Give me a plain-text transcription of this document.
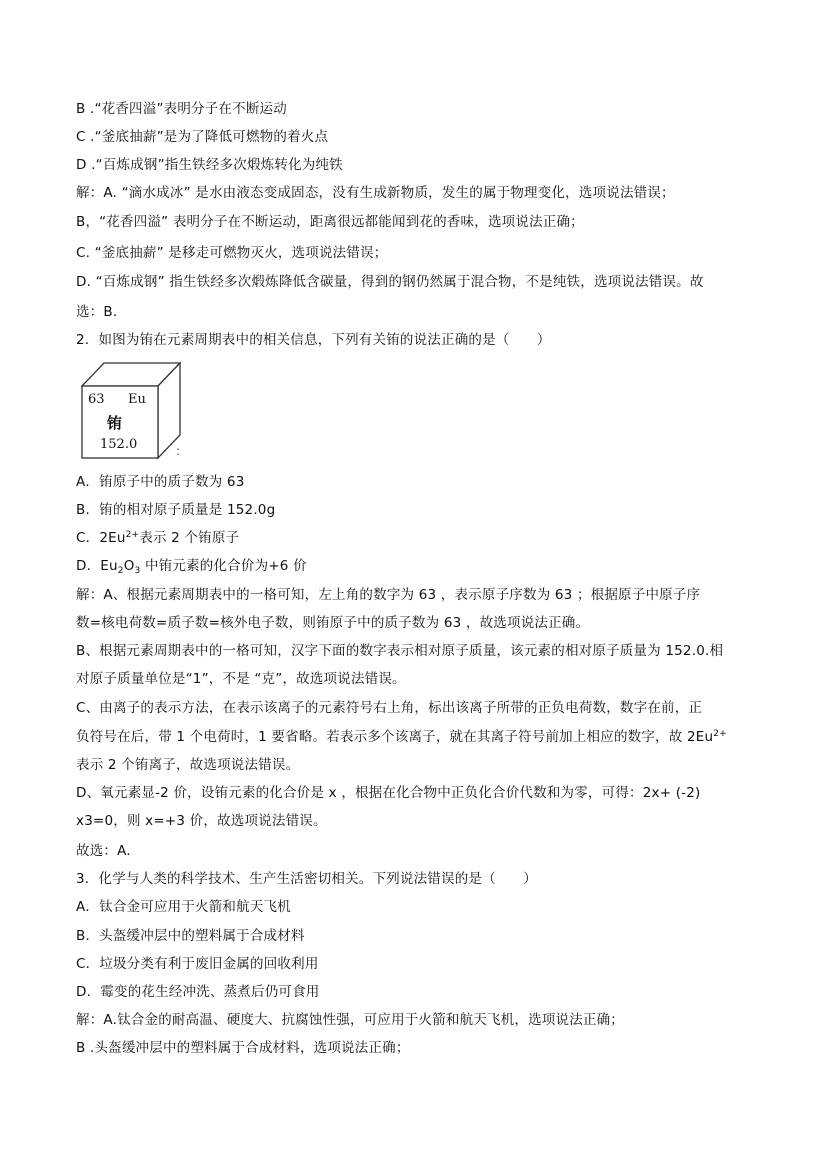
B .“花香四溢”表明分子在不断运动
C .“釜底抽薪”是为了降低可燃物的着火点
D .“百炼成钢”指生铁经多次煅炼转化为纯铁
解：A. “滴水成冰” 是水由液态变成固态，没有生成新物质，发生的属于物理变化，选项说法错误；
B，“花香四溢” 表明分子在不断运动，距离很远都能闻到花的香味，选项说法正确；
C. “釜底抽薪” 是移走可燃物灭火，选项说法错误；
D. “百炼成钢” 指生铁经多次煅炼降低含碳量，得到的钢仍然属于混合物，不是纯铁，选项说法错误。故
选：B.
2．如图为铕在元素周期表中的相关信息，下列有关铕的说法正确的是（　　）
63 Eu
铕
152.0	:
A．铕原子中的质子数为 63
B．铕的相对原子质量是 152.0g
C．$2Eu^{2+}$表示 2 个铕原子
D．$Eu_2O_3$ 中铕元素的化合价为+6 价
解：A、根据元素周期表中的一格可知，左上角的数字为 63 ，表示原子序数为 63 ；根据原子中原子序
数=核电荷数=质子数=核外电子数，则铕原子中的质子数为 63 ，故选项说法正确。
B、根据元素周期表中的一格可知，汉字下面的数字表示相对原子质量，该元素的相对原子质量为 152.0.相
对原子质量单位是“1”，不是 “克”，故选项说法错误。
C、由离子的表示方法，在表示该离子的元素符号右上角，标出该离子所带的正负电荷数，数字在前，正
负符号在后，带 1 个电荷时，1 要省略。若表示多个该离子，就在其离子符号前加上相应的数字，故 $2Eu^{2+}$
表示 2 个铕离子，故选项说法错误。
D、氧元素显-2 价，设铕元素的化合价是 x ，根据在化合物中正负化合价代数和为零，可得：2x+ (-2)
x3=0，则 x=+3 价，故选项说法错误。
故选：A.
3．化学与人类的科学技术、生产生活密切相关。下列说法错误的是（　　）
A．钛合金可应用于火箭和航天飞机
B．头盔缓冲层中的塑料属于合成材料
C．垃圾分类有利于废旧金属的回收利用
D．霉变的花生经冲洗、蒸煮后仍可食用
解：A.钛合金的耐高温、硬度大、抗腐蚀性强，可应用于火箭和航天飞机，选项说法正确；
B .头盔缓冲层中的塑料属于合成材料，选项说法正确；
